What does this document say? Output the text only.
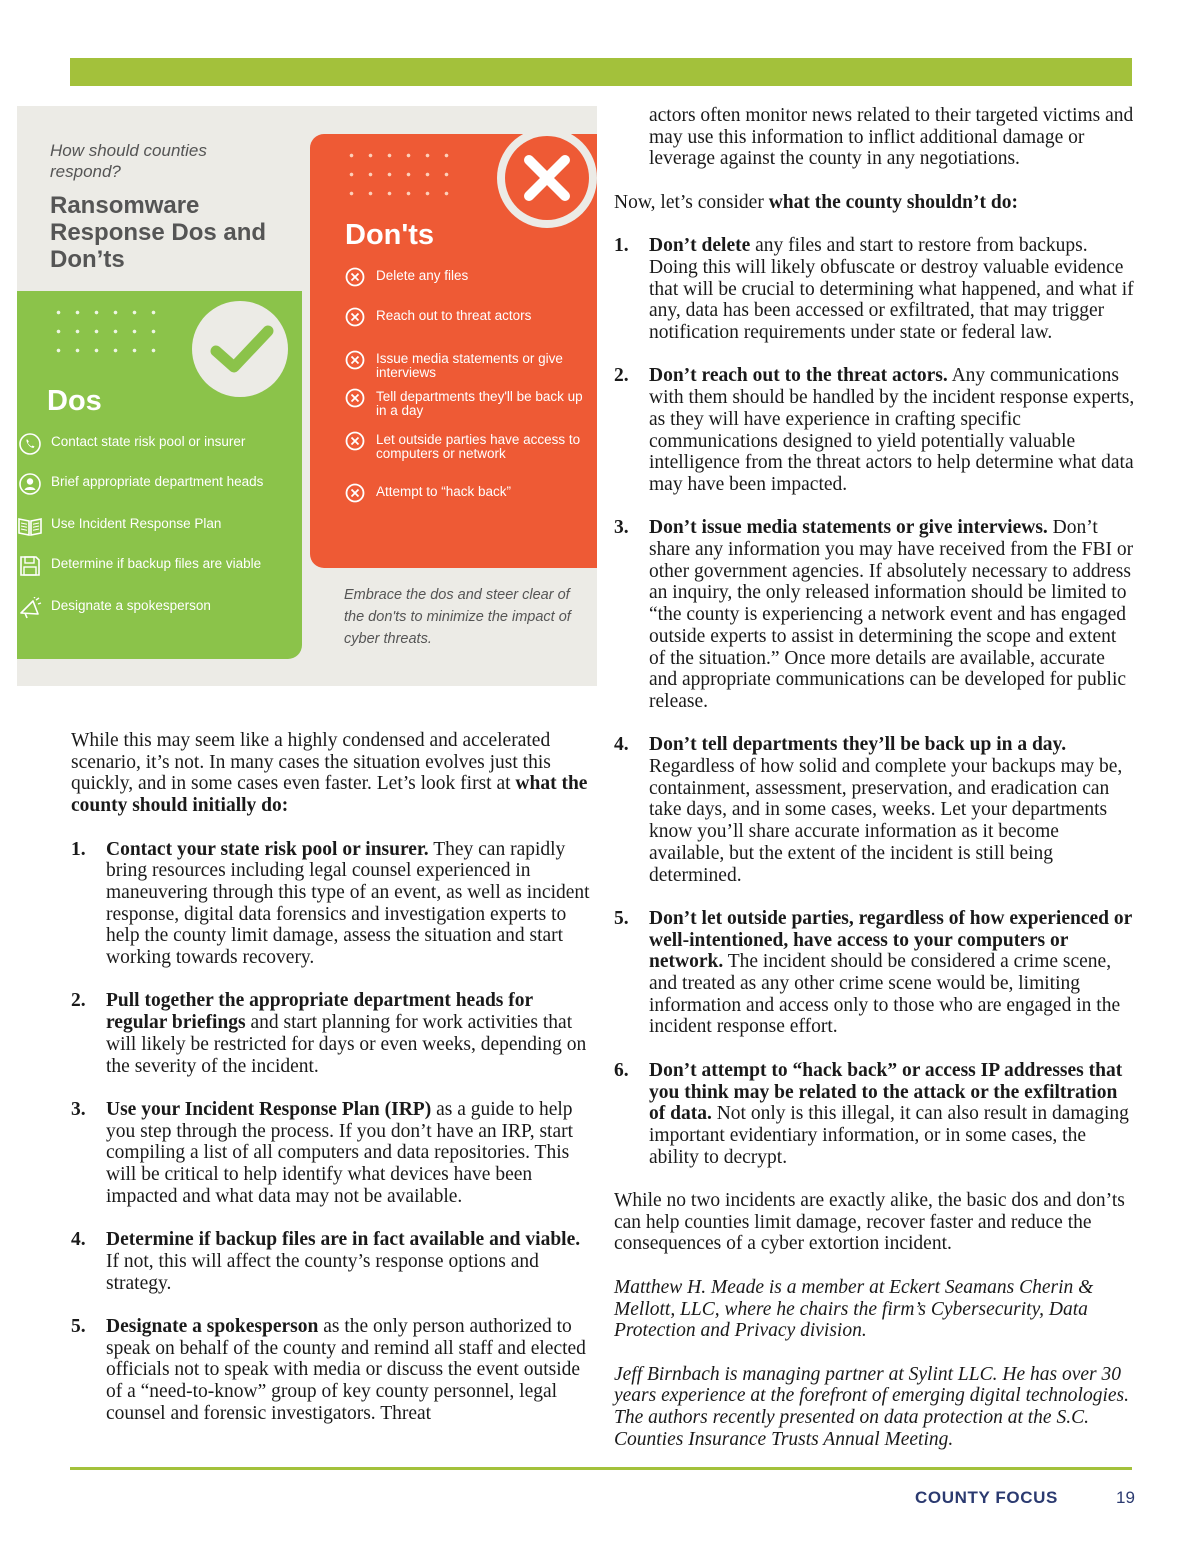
How should counties respond?
Ransomware Response Dos and Don’ts
Don'ts
Delete any files
Reach out to threat actors
Issue media statements or give interviews
Tell departments they'll be back up in a day
Let outside parties have access to computers or network
Attempt to “hack back”
Dos
Contact state risk pool or insurer
Brief appropriate department heads
Use Incident Response Plan
Determine if backup files are viable
Designate a spokesperson
Embrace the dos and steer clear of the don'ts to minimize the impact of cyber threats.

While this may seem like a highly condensed and accelerated scenario, it’s not. In many cases the situation evolves just this quickly, and in some cases even faster. Let’s look first at what the county should initially do:

1. Contact your state risk pool or insurer. They can rapidly bring resources including legal counsel experienced in maneuvering through this type of an event, as well as incident response, digital data forensics and investigation experts to help the county limit damage, assess the situation and start working towards recovery.
2. Pull together the appropriate department heads for regular briefings and start planning for work activities that will likely be restricted for days or even weeks, depending on the severity of the incident.
3. Use your Incident Response Plan (IRP) as a guide to help you step through the process. If you don’t have an IRP, start compiling a list of all computers and data repositories. This will be critical to help identify what devices have been impacted and what data may not be available.
4. Determine if backup files are in fact available and viable. If not, this will affect the county’s response options and strategy.
5. Designate a spokesperson as the only person authorized to speak on behalf of the county and remind all staff and elected officials not to speak with media or discuss the event outside of a “need-to-know” group of key county personnel, legal counsel and forensic investigators. Threat

actors often monitor news related to their targeted victims and may use this information to inflict additional damage or leverage against the county in any negotiations.

Now, let’s consider what the county shouldn’t do:

1. Don’t delete any files and start to restore from backups. Doing this will likely obfuscate or destroy valuable evidence that will be crucial to determining what happened, and what if any, data has been accessed or exfiltrated, that may trigger notification requirements under state or federal law.
2. Don’t reach out to the threat actors. Any communications with them should be handled by the incident response experts, as they will have experience in crafting specific communications designed to yield potentially valuable intelligence from the threat actors to help determine what data may have been impacted.
3. Don’t issue media statements or give interviews. Don’t share any information you may have received from the FBI or other government agencies. If absolutely necessary to address an inquiry, the only released information should be limited to “the county is experiencing a network event and has engaged outside experts to assist in determining the scope and extent of the situation.” Once more details are available, accurate and appropriate communications can be developed for public release.
4. Don’t tell departments they’ll be back up in a day. Regardless of how solid and complete your backups may be, containment, assessment, preservation, and eradication can take days, and in some cases, weeks. Let your departments know you’ll share accurate information as it become available, but the extent of the incident is still being determined.
5. Don’t let outside parties, regardless of how experienced or well-intentioned, have access to your computers or network. The incident should be considered a crime scene, and treated as any other crime scene would be, limiting information and access only to those who are engaged in the incident response effort.
6. Don’t attempt to “hack back” or access IP addresses that you think may be related to the attack or the exfiltration of data. Not only is this illegal, it can also result in damaging important evidentiary information, or in some cases, the ability to decrypt.

While no two incidents are exactly alike, the basic dos and don’ts can help counties limit damage, recover faster and reduce the consequences of a cyber extortion incident.

Matthew H. Meade is a member at Eckert Seamans Cherin & Mellott, LLC, where he chairs the firm’s Cybersecurity, Data Protection and Privacy division.

Jeff Birnbach is managing partner at Sylint LLC. He has over 30 years experience at the forefront of emerging digital technologies. The authors recently presented on data protection at the S.C. Counties Insurance Trusts Annual Meeting.

COUNTY FOCUS	19
